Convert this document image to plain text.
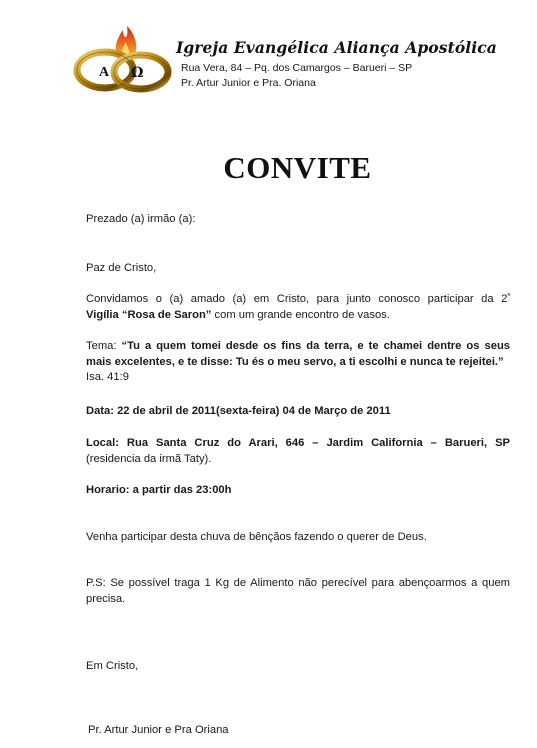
A Ω
Igreja Evangélica Aliança Apostólica
Rua Vera, 84 – Pq. dos Camargos – Barueri – SP
Pr. Artur Junior e Pra. Oriana
CONVITE
Prezado (a) irmão (a):
Paz de Cristo,
Convidamos o (a) amado (a) em Cristo, para junto conosco participar da $2^ª$
Vigília “Rosa de Saron” com um grande encontro de vasos.
Tema: “Tu a quem tomei desde os fins da terra, e te chamei dentre os seus
mais excelentes, e te disse: Tu és o meu servo, a ti escolhi e nunca te rejeitei.”
Isa. 41:9
Data: 22 de abril de 2011(sexta-feira) 04 de Março de 2011
Local: Rua Santa Cruz do Arari, 646 – Jardim California – Barueri, SP
(residencia da irmã Taty).
Horario: a partir das 23:00h
Venha participar desta chuva de bênçãos fazendo o querer de Deus.
P.S: Se possível traga 1 Kg de Alimento não perecível para abençoarmos a quem
precisa.
Em Cristo,
Pr. Artur Junior e Pra Oriana
